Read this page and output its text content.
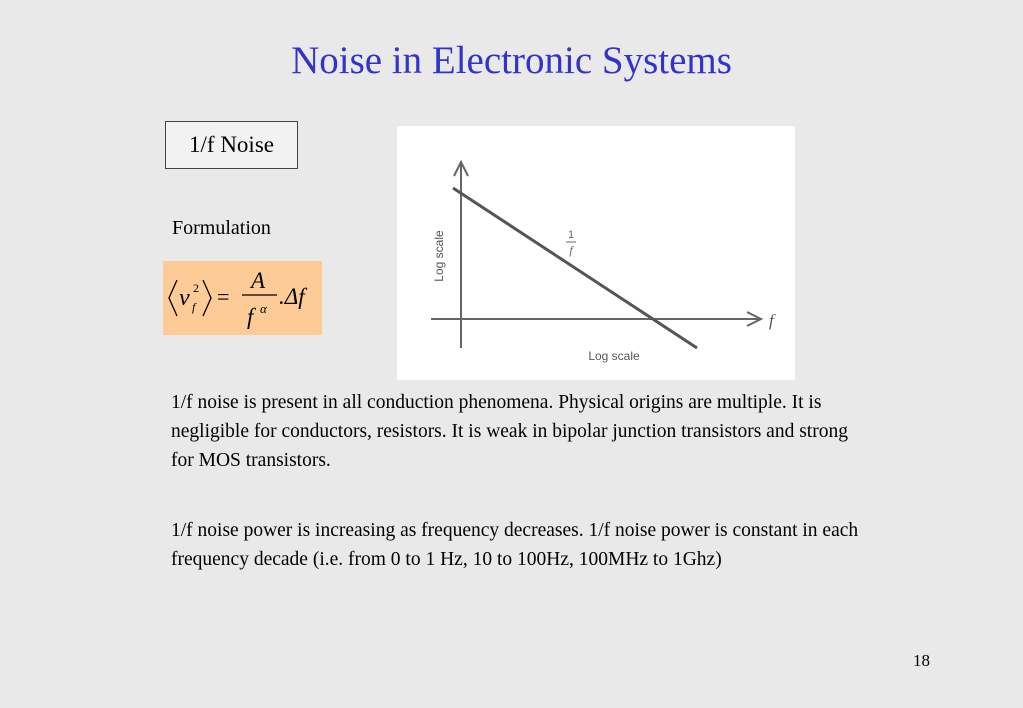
Noise in Electronic Systems
1/f Noise
Formulation
v 2
f =
A
f α .Δf
Log scale
Log scale
f
1
f
1/f noise is present in all conduction phenomena. Physical origins are multiple. It is negligible for conductors, resistors. It is weak in bipolar junction transistors and strong for MOS transistors.
1/f noise power is increasing as frequency decreases. 1/f noise power is constant in each frequency decade (i.e. from 0 to 1 Hz, 10 to 100Hz, 100MHz to 1Ghz)
18
